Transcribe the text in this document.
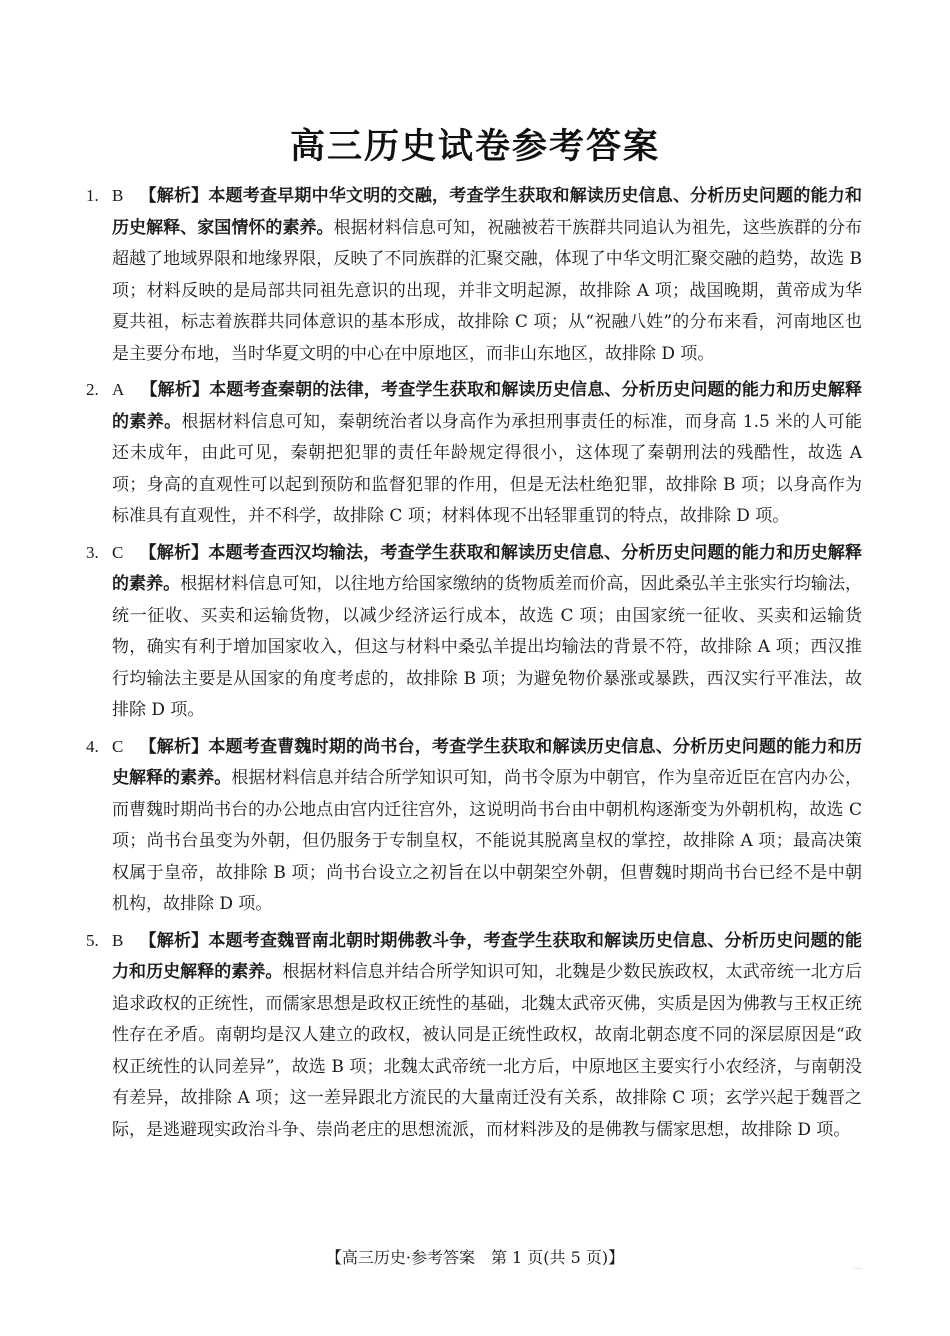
高三历史试卷参考答案
1. B 【解析】本题考查早期中华文明的交融，考查学生获取和解读历史信息、分析历史问题的能力和历史解释、家国情怀的素养。根据材料信息可知，祝融被若干族群共同追认为祖先，这些族群的分布超越了地域界限和地缘界限，反映了不同族群的汇聚交融，体现了中华文明汇聚交融的趋势，故选 B 项；材料反映的是局部共同祖先意识的出现，并非文明起源，故排除 A 项；战国晚期，黄帝成为华夏共祖，标志着族群共同体意识的基本形成，故排除 C 项；从“祝融八姓”的分布来看，河南地区也是主要分布地，当时华夏文明的中心在中原地区，而非山东地区，故排除 D 项。
2. A 【解析】本题考查秦朝的法律，考查学生获取和解读历史信息、分析历史问题的能力和历史解释的素养。根据材料信息可知，秦朝统治者以身高作为承担刑事责任的标准，而身高 1.5 米的人可能还未成年，由此可见，秦朝把犯罪的责任年龄规定得很小，这体现了秦朝刑法的残酷性，故选 A 项；身高的直观性可以起到预防和监督犯罪的作用，但是无法杜绝犯罪，故排除 B 项；以身高作为标准具有直观性，并不科学，故排除 C 项；材料体现不出轻罪重罚的特点，故排除 D 项。
3. C 【解析】本题考查西汉均输法，考查学生获取和解读历史信息、分析历史问题的能力和历史解释的素养。根据材料信息可知，以往地方给国家缴纳的货物质差而价高，因此桑弘羊主张实行均输法，统一征收、买卖和运输货物，以减少经济运行成本，故选 C 项；由国家统一征收、买卖和运输货物，确实有利于增加国家收入，但这与材料中桑弘羊提出均输法的背景不符，故排除 A 项；西汉推行均输法主要是从国家的角度考虑的，故排除 B 项；为避免物价暴涨或暴跌，西汉实行平准法，故排除 D 项。
4. C 【解析】本题考查曹魏时期的尚书台，考查学生获取和解读历史信息、分析历史问题的能力和历史解释的素养。根据材料信息并结合所学知识可知，尚书令原为中朝官，作为皇帝近臣在宫内办公，而曹魏时期尚书台的办公地点由宫内迁往宫外，这说明尚书台由中朝机构逐渐变为外朝机构，故选 C 项；尚书台虽变为外朝，但仍服务于专制皇权，不能说其脱离皇权的掌控，故排除 A 项；最高决策权属于皇帝，故排除 B 项；尚书台设立之初旨在以中朝架空外朝，但曹魏时期尚书台已经不是中朝机构，故排除 D 项。
5. B 【解析】本题考查魏晋南北朝时期佛教斗争，考查学生获取和解读历史信息、分析历史问题的能力和历史解释的素养。根据材料信息并结合所学知识可知，北魏是少数民族政权，太武帝统一北方后追求政权的正统性，而儒家思想是政权正统性的基础，北魏太武帝灭佛，实质是因为佛教与王权正统性存在矛盾。南朝均是汉人建立的政权，被认同是正统性政权，故南北朝态度不同的深层原因是“政权正统性的认同差异”，故选 B 项；北魏太武帝统一北方后，中原地区主要实行小农经济，与南朝没有差异，故排除 A 项；这一差异跟北方流民的大量南迁没有关系，故排除 C 项；玄学兴起于魏晋之际，是逃避现实政治斗争、崇尚老庄的思想流派，而材料涉及的是佛教与儒家思想，故排除 D 项。
【高三历史·参考答案　第 1 页(共 5 页)】	...
